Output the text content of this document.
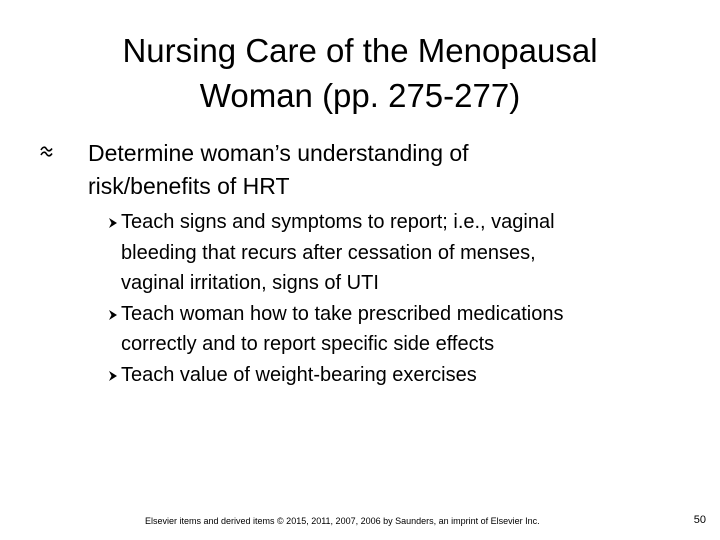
Nursing Care of the Menopausal
Woman (pp. 275-277)
Determine woman’s understanding of
risk/benefits of HRT
Teach signs and symptoms to report; i.e., vaginal
bleeding that recurs after cessation of menses,
vaginal irritation, signs of UTI
Teach woman how to take prescribed medications
correctly and to report specific side effects
Teach value of weight-bearing exercises
Elsevier items and derived items © 2015, 2011, 2007, 2006 by Saunders, an imprint of Elsevier Inc.	50
